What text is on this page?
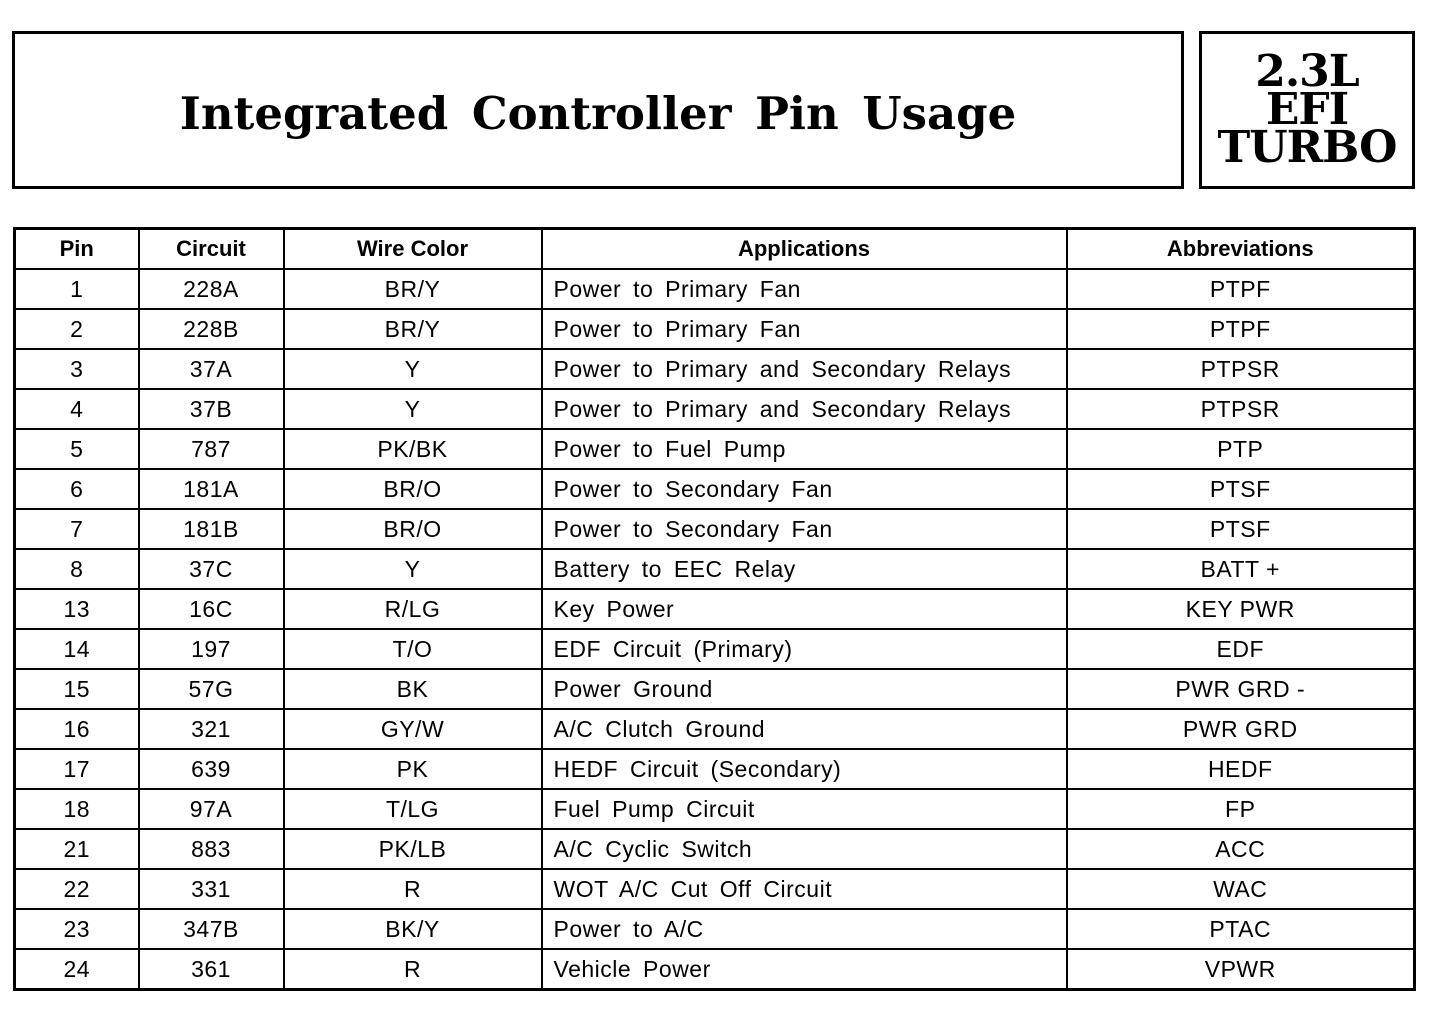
Integrated Controller Pin Usage
2.3L
EFI
TURBO
Pin	Circuit	Wire Color	Applications	Abbreviations
1	228A	BR/Y	Power to Primary Fan	PTPF
2	228B	BR/Y	Power to Primary Fan	PTPF
3	37A	Y	Power to Primary and Secondary Relays	PTPSR
4	37B	Y	Power to Primary and Secondary Relays	PTPSR
5	787	PK/BK	Power to Fuel Pump	PTP
6	181A	BR/O	Power to Secondary Fan	PTSF
7	181B	BR/O	Power to Secondary Fan	PTSF
8	37C	Y	Battery to EEC Relay	BATT +
13	16C	R/LG	Key Power	KEY PWR
14	197	T/O	EDF Circuit (Primary)	EDF
15	57G	BK	Power Ground	PWR GRD -
16	321	GY/W	A/C Clutch Ground	PWR GRD
17	639	PK	HEDF Circuit (Secondary)	HEDF
18	97A	T/LG	Fuel Pump Circuit	FP
21	883	PK/LB	A/C Cyclic Switch	ACC
22	331	R	WOT A/C Cut Off Circuit	WAC
23	347B	BK/Y	Power to A/C	PTAC
24	361	R	Vehicle Power	VPWR
